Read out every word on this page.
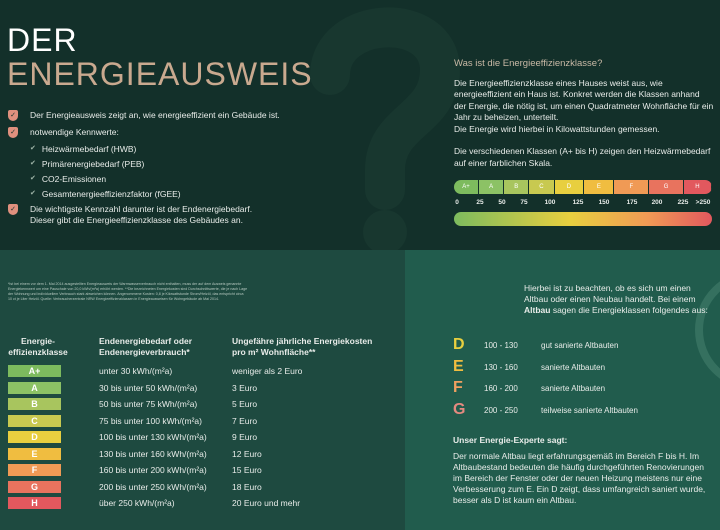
DER
ENERGIEAUSWEIS
✓ Der Energieausweis zeigt an, wie energieeffizient ein Gebäude ist.
✓ notwendige Kennwerte:
✔ Heizwärmebedarf (HWB)
✔ Primärenergiebedarf (PEB)
✔ CO2-Emissionen
✔ Gesamtenergieeffizienzfaktor (fGEE)
✓ Die wichtigste Kennzahl darunter ist der Endenergiebedarf. Dieser gibt die Energieeffizienzklasse des Gebäudes an.
Was ist die Energieeffizienzklasse?

Die Energieeffizienzklasse eines Hauses weist aus, wie energieeffizient ein Haus ist. Konkret werden die Klassen anhand der Energie, die nötig ist, um einen Quadratmeter Wohnfläche für ein Jahr zu beheizen, unterteilt.

Die Energie wird hierbei in Kilowattstunden gemessen.

Die verschiedenen Klassen (A+ bis H) zeigen den Heizwärmebedarf auf einer farblichen Skala.

A+	A	B	C	D	E	F	G	H
0	25 50 75	100	125 150	175 200 225 >250
*Ist bei einem vor dem 1. Mai 2014 ausgestellten Energieausweis der Warmwasserverbrauch nicht enthalten, muss der auf dem Ausweis genannte Energiekennwert um eine Pauschale von 20,0 kWh/(m²a) erhöht werden. **Die bezeichneten Energiekosten sind Durchschnittswerte, die je nach Lage der Wohnung und individuellem Verbrauch stark abweichen können. Angenommene Kosten: 0,8 je Kilowattstunde Strom/Heizöl, das entspricht circa 10 ct je Liter Heizöl. Quelle: Verbraucherzentrale NRW Energieeffizienzklassen in Energieausweisen für Wohngebäude ab Mai 2014.
Energie-
effizienzklasse
Endenergiebedarf oder
Endenergieverbrauch*
Ungefähre jährliche Energiekosten
pro m² Wohnfläche**
A+	unter 30 kWh/(m²a)	weniger als 2 Euro
A	30 bis unter 50 kWh/(m²a)	3 Euro
B	50 bis unter 75 kWh/(m²a)	5 Euro
C	75 bis unter 100 kWh/(m²a)	7 Euro
D	100 bis unter 130 kWh/(m²a)	9 Euro
E	130 bis unter 160 kWh/(m²a)	12 Euro
F	160 bis unter 200 kWh/(m²a)	15 Euro
G	200 bis unter 250 kWh/(m²a)	18 Euro
H	über 250 kWh/(m²a)	20 Euro und mehr
Hierbei ist zu beachten, ob es sich um einen Altbau oder einen Neubau handelt. Bei einem Altbau sagen die Energieklassen folgendes aus:
D 100 - 130	gut sanierte Altbauten
E	130 - 160	sanierte Altbauten
F	160 - 200	sanierte Altbauten
G 200 - 250	teilweise sanierte Altbauten
Unser Energie-Experte sagt:

Der normale Altbau liegt erfahrungsgemäß im Bereich F bis H. Im Altbaubestand bedeuten die häufig durchgeführten Renovierungen im Bereich der Fenster oder der neuen Heizung meistens nur eine Verbesserung zum E. Ein D zeigt, dass umfangreich saniert wurde, besser als D ist kaum ein Altbau.
